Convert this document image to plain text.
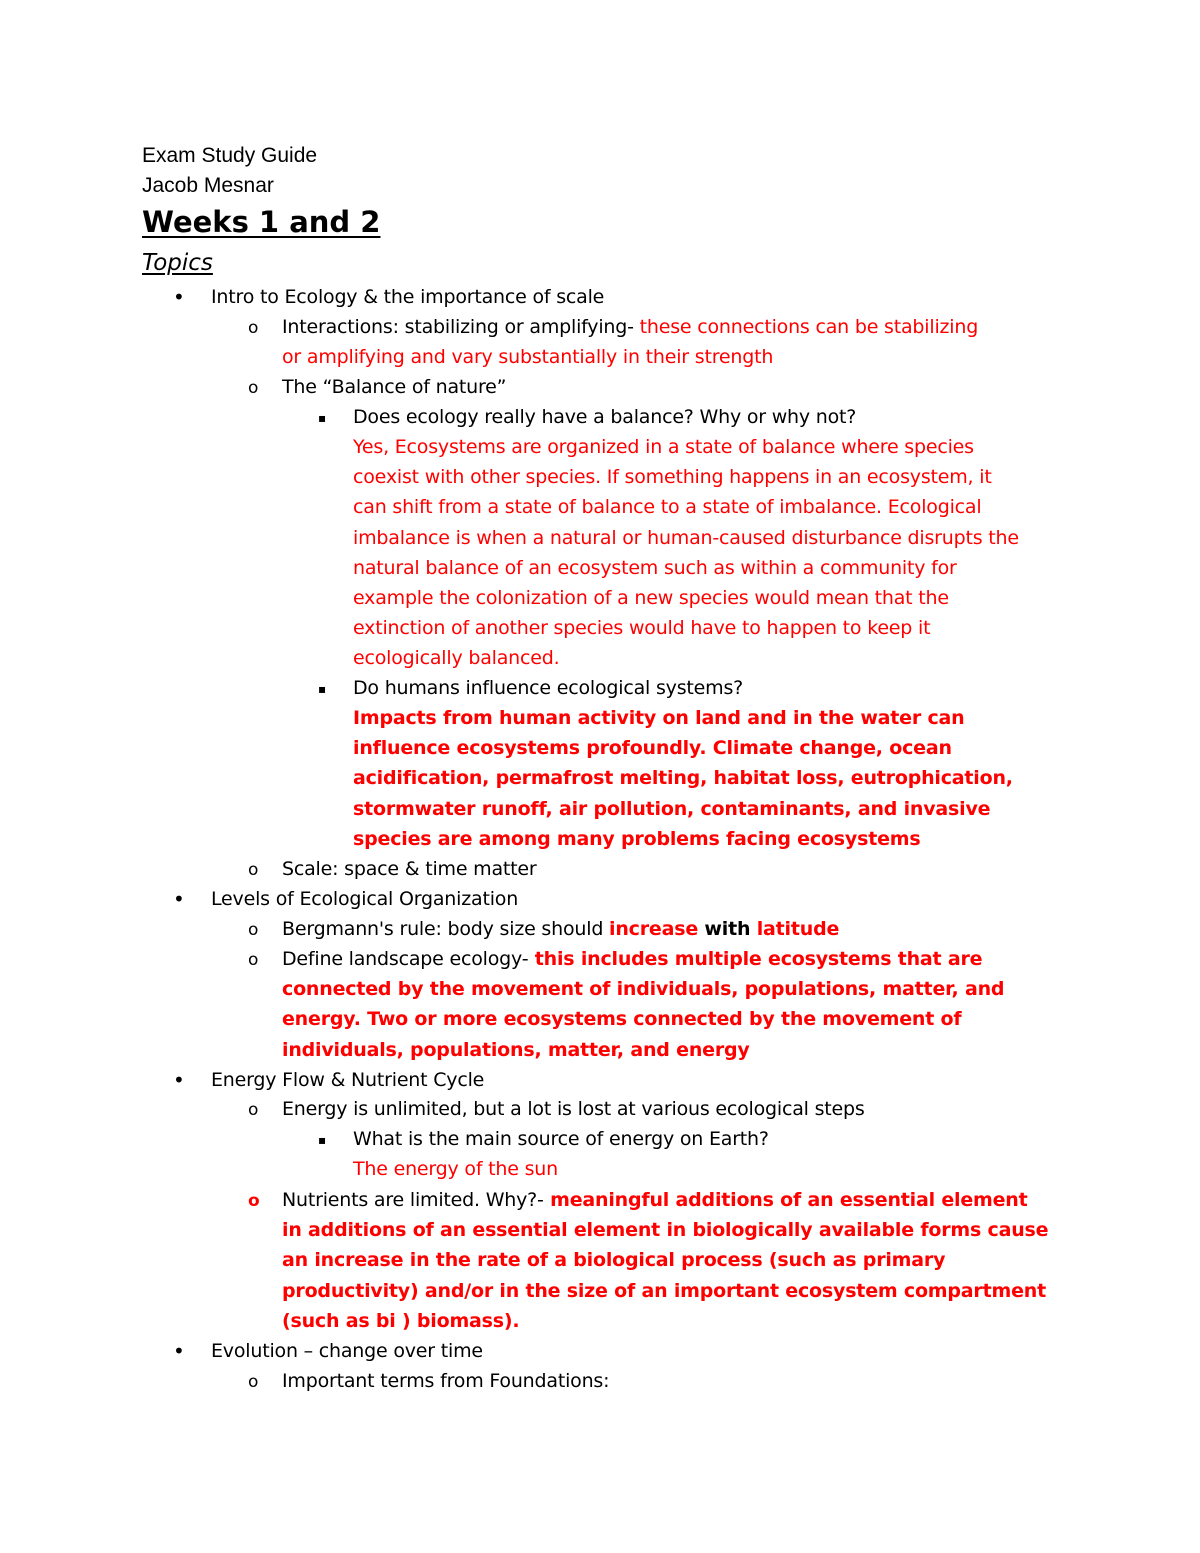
Exam Study Guide
Jacob Mesnar
Weeks 1 and 2
Topics
• Intro to Ecology & the importance of scale
o Interactions: stabilizing or amplifying- these connections can be stabilizing
or amplifying and vary substantially in their strength
o The “Balance of nature”
▪ Does ecology really have a balance? Why or why not?
Yes, Ecosystems are organized in a state of balance where species
coexist with other species. If something happens in an ecosystem, it
can shift from a state of balance to a state of imbalance. Ecological
imbalance is when a natural or human-caused disturbance disrupts the
natural balance of an ecosystem such as within a community for
example the colonization of a new species would mean that the
extinction of another species would have to happen to keep it
ecologically balanced.
▪ Do humans influence ecological systems?
Impacts from human activity on land and in the water can
influence ecosystems profoundly. Climate change, ocean
acidification, permafrost melting, habitat loss, eutrophication,
stormwater runoff, air pollution, contaminants, and invasive
species are among many problems facing ecosystems
o Scale: space & time matter
• Levels of Ecological Organization
o Bergmann's rule: body size should increase with latitude
o Define landscape ecology- this includes multiple ecosystems that are
connected by the movement of individuals, populations, matter, and
energy. Two or more ecosystems connected by the movement of
individuals, populations, matter, and energy
• Energy Flow & Nutrient Cycle
o Energy is unlimited, but a lot is lost at various ecological steps
▪ What is the main source of energy on Earth?
The energy of the sun
o Nutrients are limited. Why?- meaningful additions of an essential element
in additions of an essential element in biologically available forms cause
an increase in the rate of a biological process (such as primary
productivity) and/or in the size of an important ecosystem compartment
(such as bi ) biomass).
• Evolution – change over time
o Important terms from Foundations:
